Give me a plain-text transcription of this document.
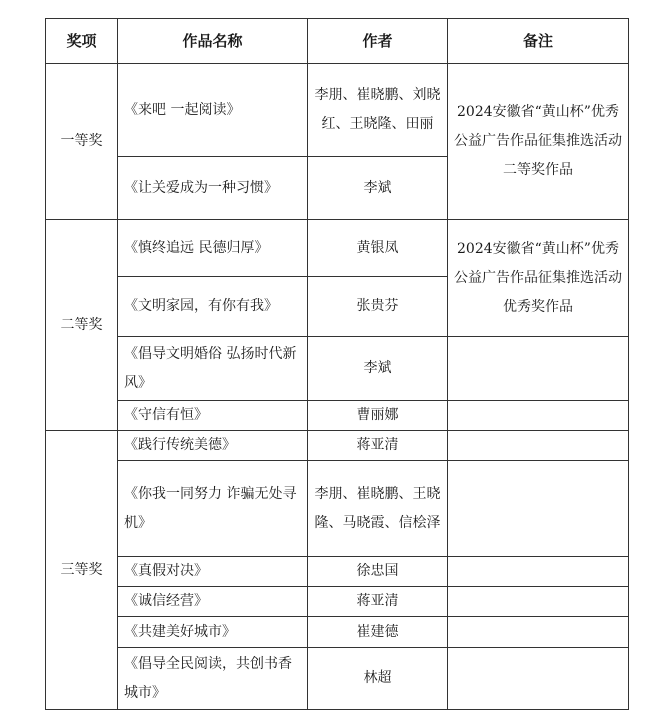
奖项	作品名称	作者	备注
一等奖	《来吧 一起阅读》	李朋、崔晓鹏、刘晓红、王晓隆、田丽	2024安徽省“黄山杯”优秀公益广告作品征集推选活动二等奖作品
	《让关爱成为一种习惯》	李斌	
二等奖	《慎终追远 民德归厚》	黄银凤	2024安徽省“黄山杯”优秀公益广告作品征集推选活动优秀奖作品
	《文明家园，有你有我》	张贵芬	
	《倡导文明婚俗 弘扬时代新风》	李斌	
	《守信有恒》	曹丽娜	
三等奖	《践行传统美德》	蒋亚清	
	《你我一同努力 诈骗无处寻机》	李朋、崔晓鹏、王晓隆、马晓霞、信桧泽	
	《真假对决》	徐忠国	
	《诚信经营》	蒋亚清	
	《共建美好城市》	崔建德	
	《倡导全民阅读，共创书香城市》	林超	
